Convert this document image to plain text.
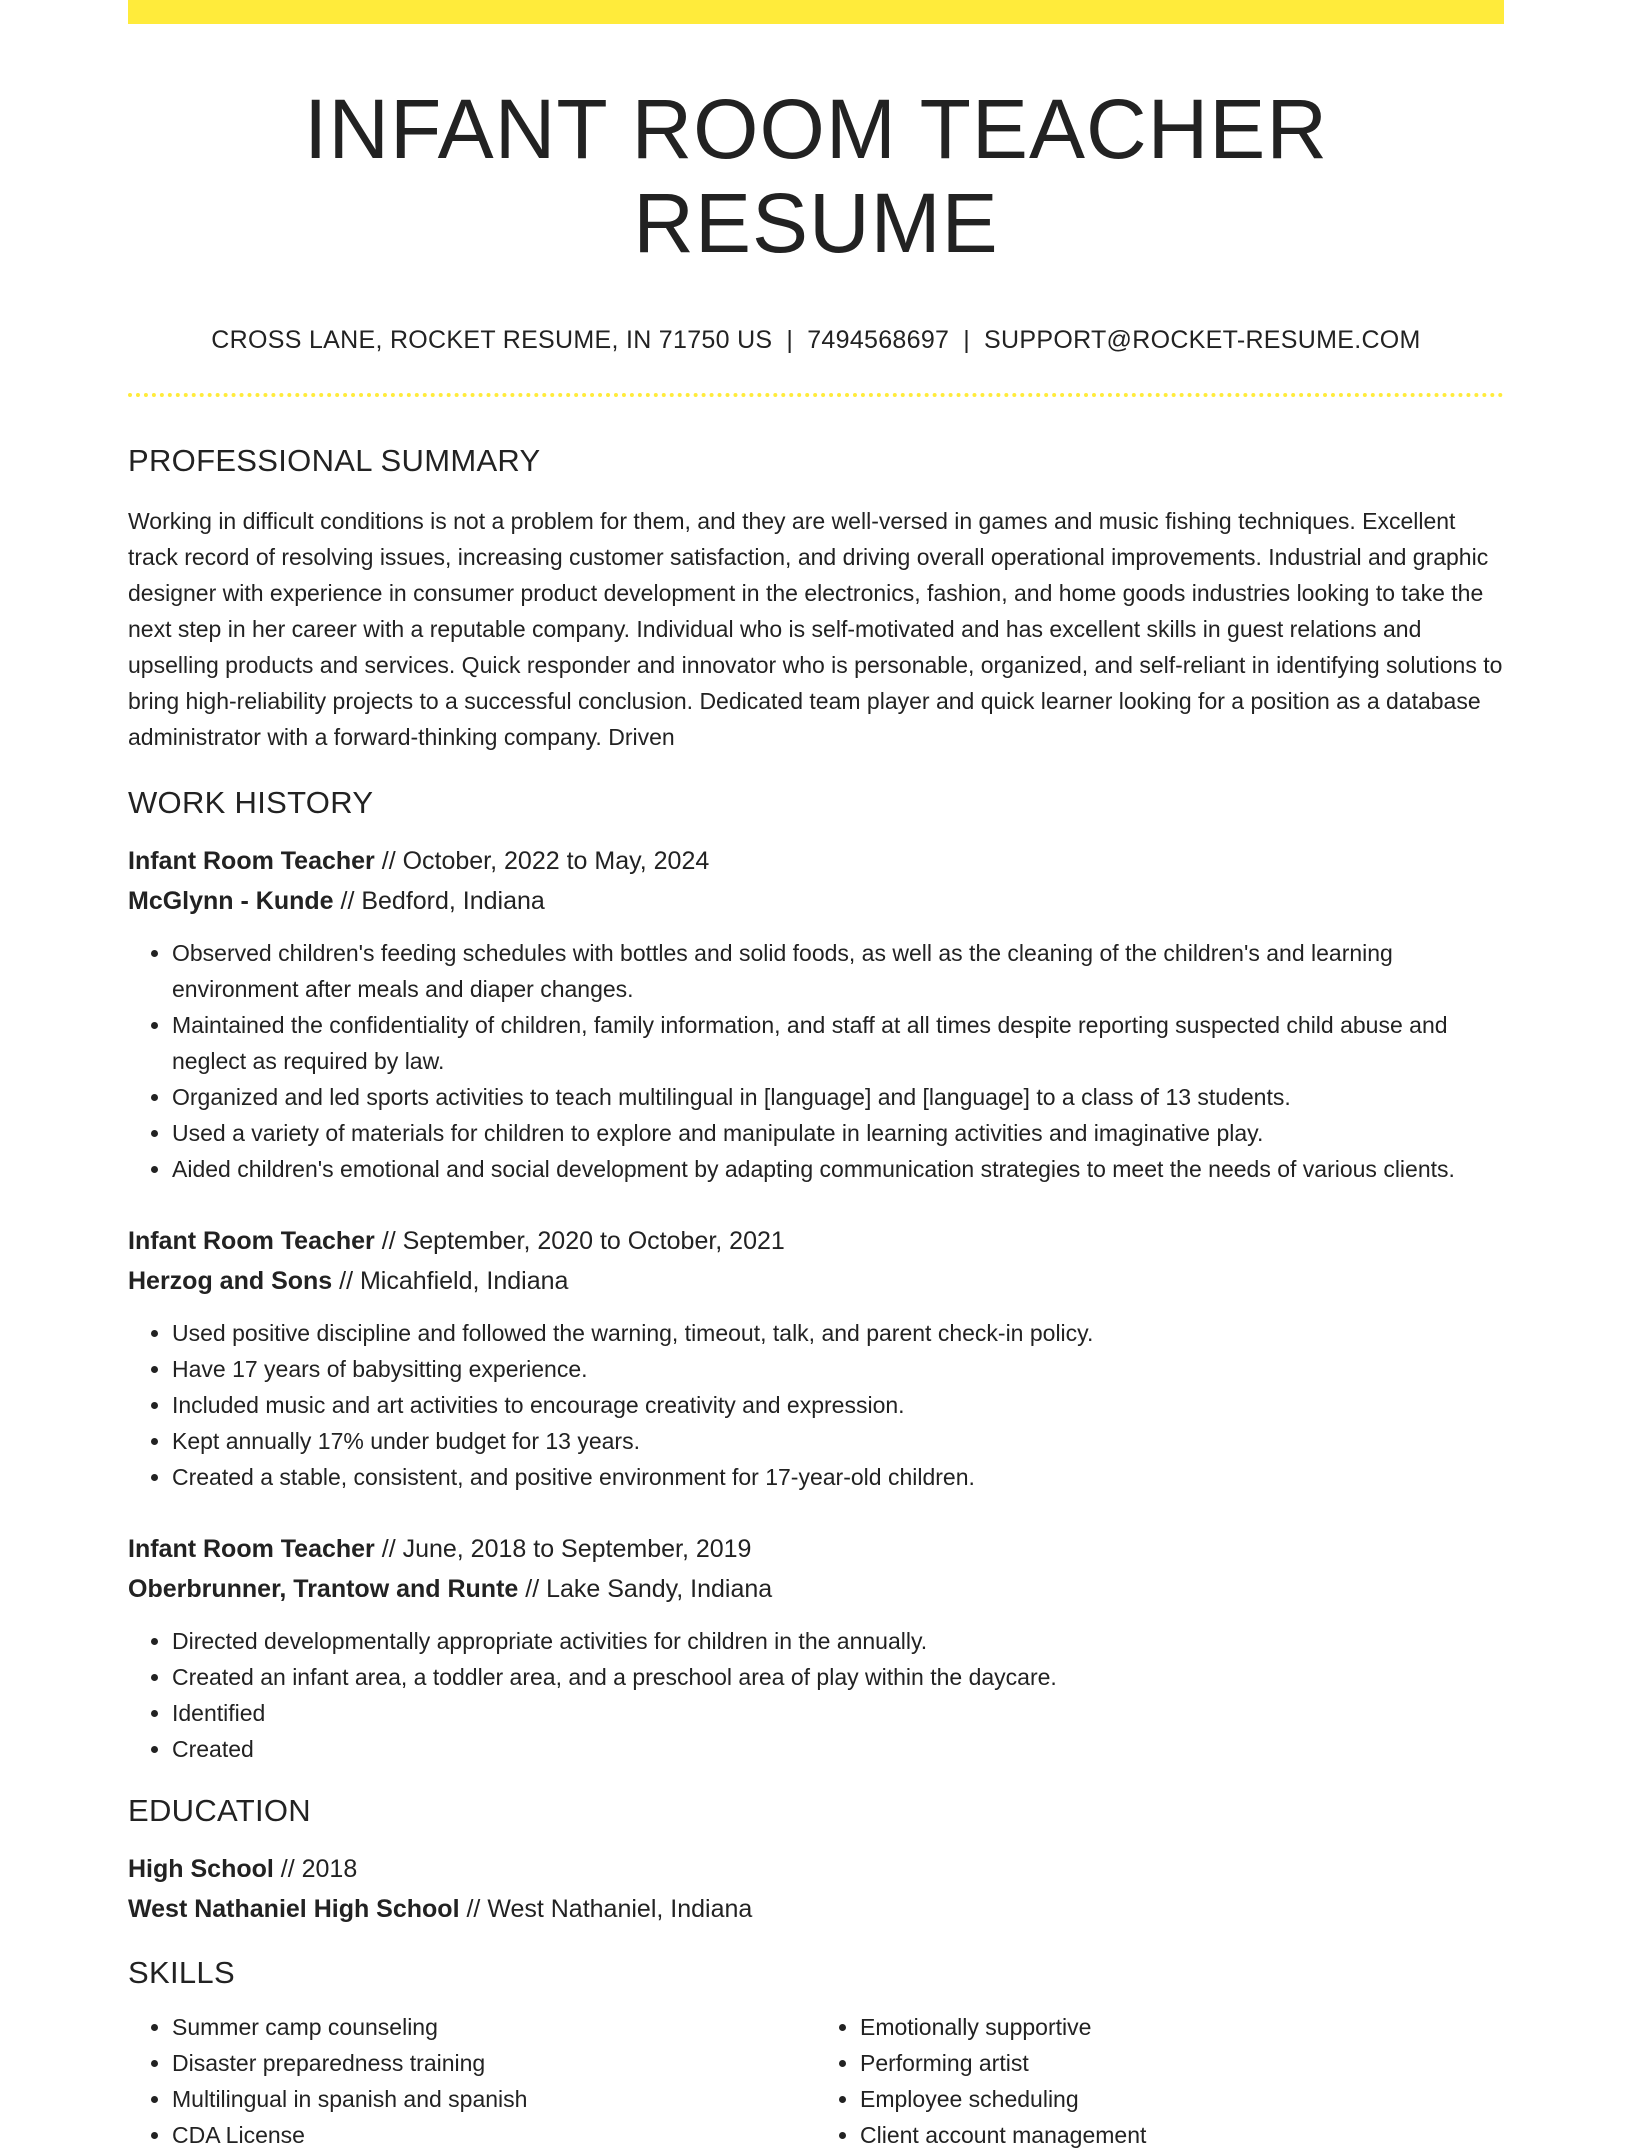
INFANT ROOM TEACHER RESUME
CROSS LANE, ROCKET RESUME, IN 71750 US | 7494568697 | SUPPORT@ROCKET-RESUME.COM
PROFESSIONAL SUMMARY

Working in difficult conditions is not a problem for them, and they are well-versed in games and music fishing techniques. Excellent track record of resolving issues, increasing customer satisfaction, and driving overall operational improvements. Industrial and graphic designer with experience in consumer product development in the electronics, fashion, and home goods industries looking to take the next step in her career with a reputable company. Individual who is self-motivated and has excellent skills in guest relations and upselling products and services. Quick responder and innovator who is personable, organized, and self-reliant in identifying solutions to bring high-reliability projects to a successful conclusion. Dedicated team player and quick learner looking for a position as a database administrator with a forward-thinking company. Driven

WORK HISTORY
Infant Room Teacher // October, 2022 to May, 2024
McGlynn - Kunde // Bedford, Indiana
• Observed children's feeding schedules with bottles and solid foods, as well as the cleaning of the children's and learning environment after meals and diaper changes.
• Maintained the confidentiality of children, family information, and staff at all times despite reporting suspected child abuse and neglect as required by law.
• Organized and led sports activities to teach multilingual in [language] and [language] to a class of 13 students.
• Used a variety of materials for children to explore and manipulate in learning activities and imaginative play.
• Aided children's emotional and social development by adapting communication strategies to meet the needs of various clients.
Infant Room Teacher // September, 2020 to October, 2021
Herzog and Sons // Micahfield, Indiana
• Used positive discipline and followed the warning, timeout, talk, and parent check-in policy.
• Have 17 years of babysitting experience.
• Included music and art activities to encourage creativity and expression.
• Kept annually 17% under budget for 13 years.
• Created a stable, consistent, and positive environment for 17-year-old children.
Infant Room Teacher // June, 2018 to September, 2019
Oberbrunner, Trantow and Runte // Lake Sandy, Indiana
• Directed developmentally appropriate activities for children in the annually.
• Created an infant area, a toddler area, and a preschool area of play within the daycare.
• Identified
• Created
EDUCATION
High School // 2018
West Nathaniel High School // West Nathaniel, Indiana
SKILLS
• Summer camp counseling
• Disaster preparedness training
• Multilingual in spanish and spanish
• CDA License
• Emotionally supportive
• Performing artist
• Employee scheduling
• Client account management
